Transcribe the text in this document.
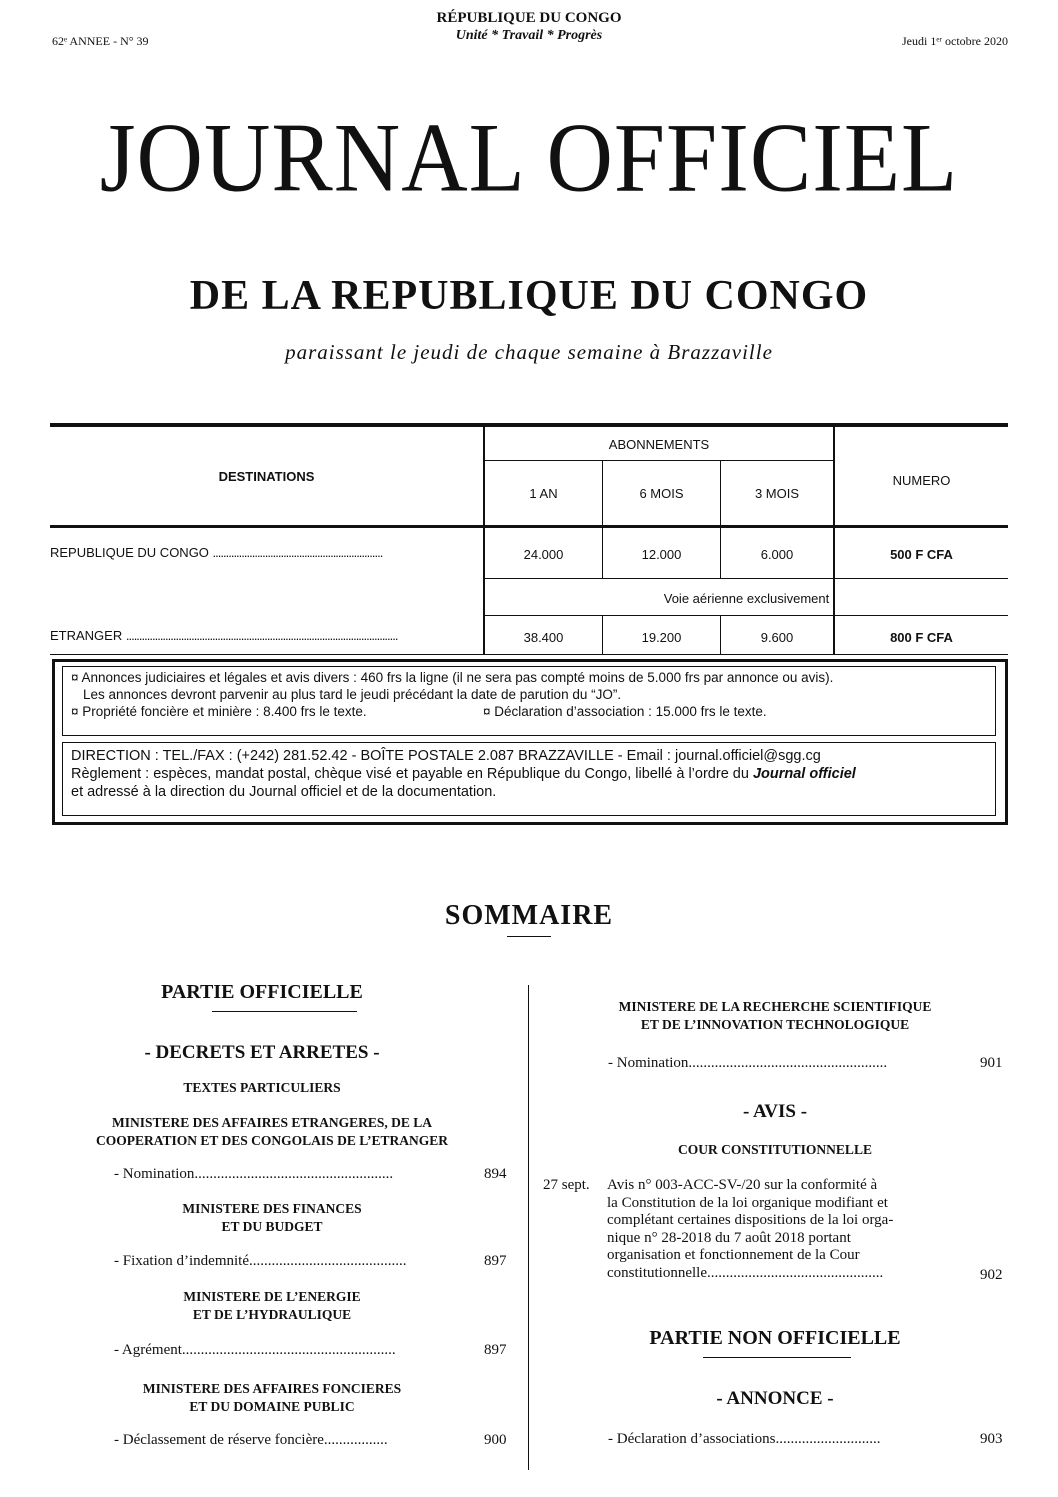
62ᵉ ANNEE - N° 39
RÉPUBLIQUE DU CONGO
Unité * Travail * Progrès	Jeudi 1ᵉʳ octobre 2020
JOURNAL OFFICIEL
DE LA REPUBLIQUE DU CONGO
paraissant le jeudi de chaque semaine à Brazzaville
DESTINATIONS
ABONNEMENTS
NUMERO
1 AN	6 MOIS	3 MOIS
REPUBLIQUE DU CONGO .................................................................	24.000	12.000	6.000	500 F CFA
Voie aérienne exclusivement
ETRANGER ........................................................................................................	38.400	19.200	9.600	800 F CFA
¤ Annonces judiciaires et légales et avis divers : 460 frs la ligne (il ne sera pas compté moins de 5.000 frs par annonce ou avis).
Les annonces devront parvenir au plus tard le jeudi précédant la date de parution du “JO”.
¤ Propriété foncière et minière : 8.400 frs le texte.	¤ Déclaration d’association : 15.000 frs le texte.
DIRECTION : TEL./FAX : (+242) 281.52.42 - BOÎTE POSTALE 2.087 BRAZZAVILLE - Email : journal.officiel@sgg.cg
Règlement : espèces, mandat postal, chèque visé et payable en République du Congo, libellé à l’ordre du Journal officiel
et adressé à la direction du Journal officiel et de la documentation.
SOMMAIRE
PARTIE OFFICIELLE
- DECRETS ET ARRETES -
TEXTES PARTICULIERS
MINISTERE DES AFFAIRES ETRANGERES, DE LA
COOPERATION ET DES CONGOLAIS DE L’ETRANGER
- Nomination.....................................................	894
MINISTERE DES FINANCES
ET DU BUDGET
- Fixation d’indemnité..........................................	897
MINISTERE DE L’ENERGIE
ET DE L’HYDRAULIQUE
- Agrément.........................................................	897
MINISTERE DES AFFAIRES FONCIERES
ET DU DOMAINE PUBLIC
- Déclassement de réserve foncière.................	900
MINISTERE DE LA RECHERCHE SCIENTIFIQUE
ET DE L’INNOVATION TECHNOLOGIQUE
- Nomination.....................................................	901
- AVIS -
COUR CONSTITUTIONNELLE
27 sept. Avis n° 003-ACC-SV-/20 sur la conformité à
la Constitution de la loi organique modifiant et
complétant certaines dispositions de la loi orga-
nique n° 28-2018 du 7 août 2018 portant
organisation et fonctionnement de la Cour
constitutionnelle...............................................	902
PARTIE NON OFFICIELLE
- ANNONCE -
- Déclaration d’associations............................	903
